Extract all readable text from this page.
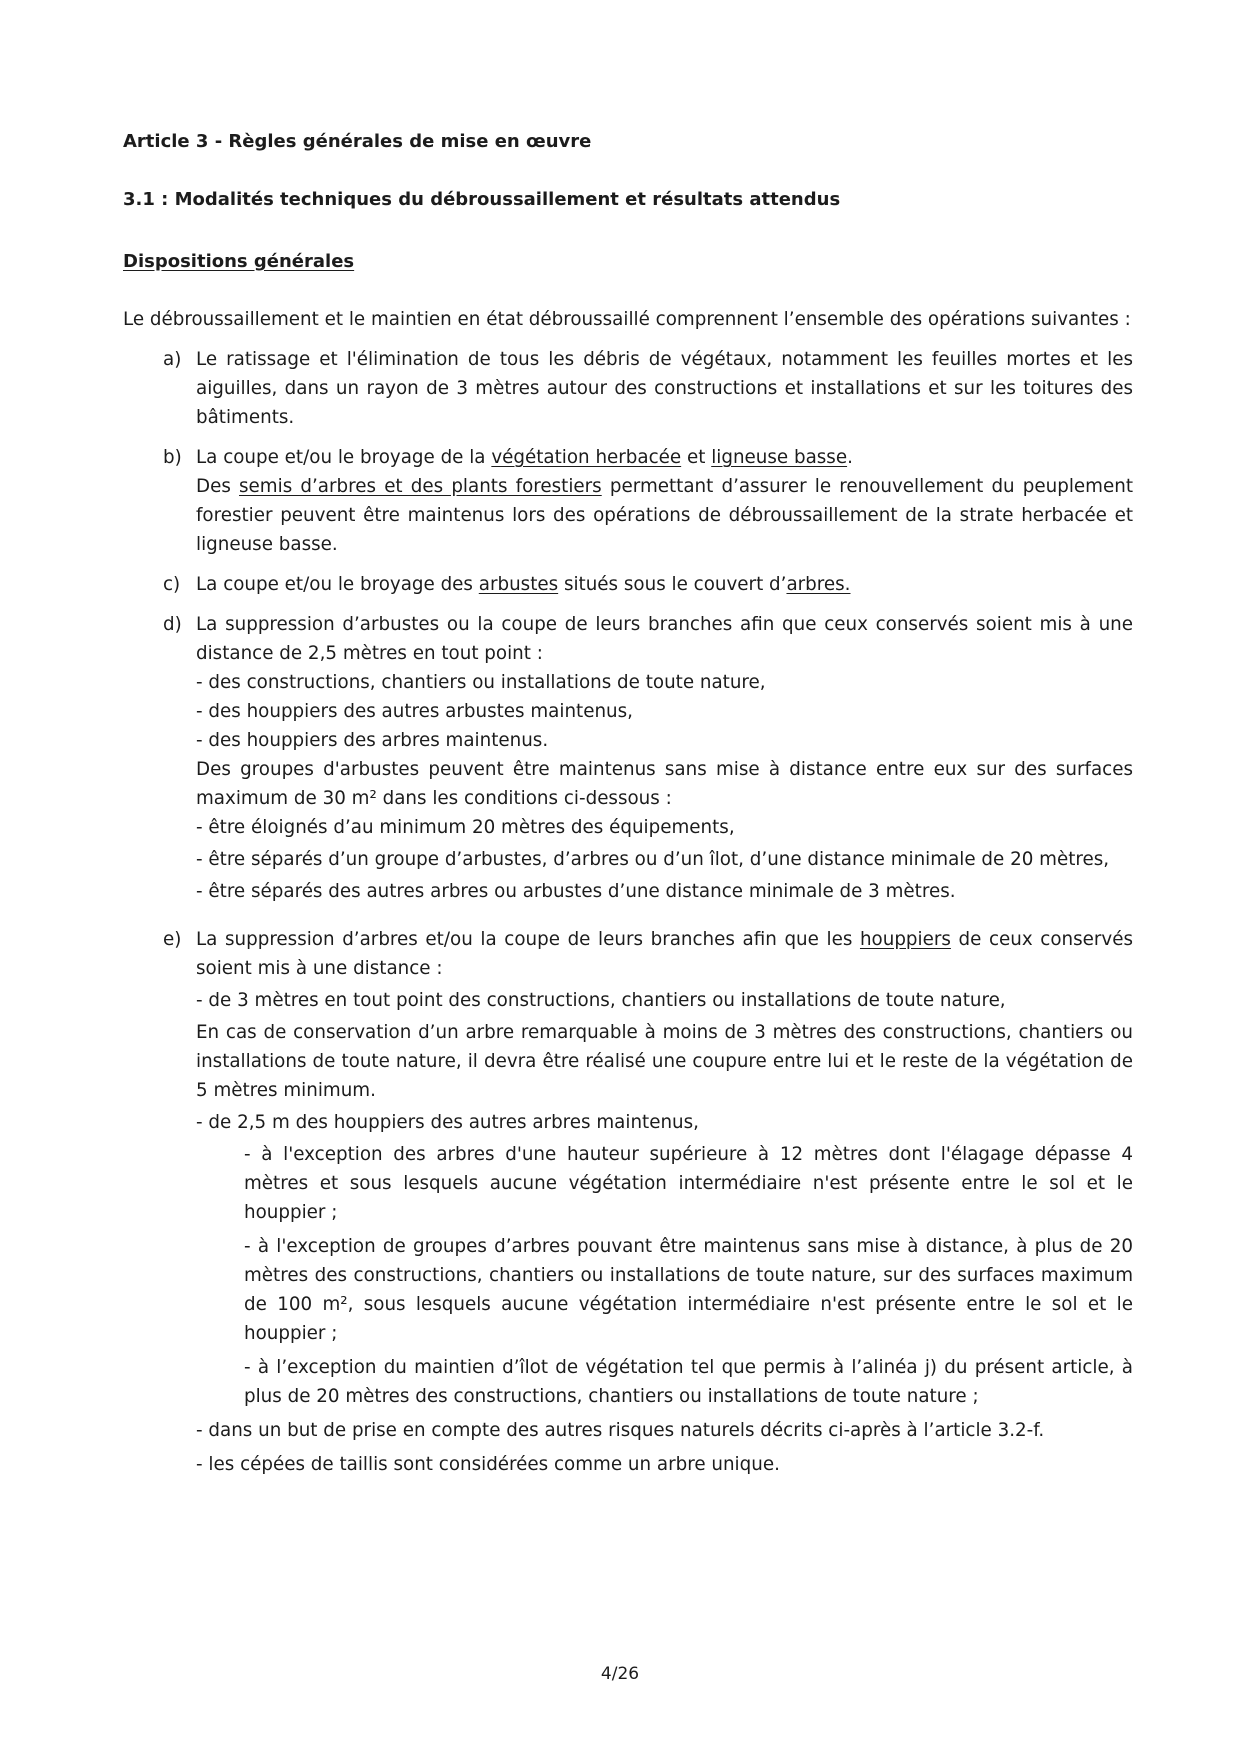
Article 3 - Règles générales de mise en œuvre
3.1 : Modalités techniques du débroussaillement et résultats attendus
Dispositions générales

Le débroussaillement et le maintien en état débroussaillé comprennent l’ensemble des opérations suivantes :

a) Le ratissage et l'élimination de tous les débris de végétaux, notamment les feuilles mortes et les aiguilles, dans un rayon de 3 mètres autour des constructions et installations et sur les toitures des bâtiments.

b) La coupe et/ou le broyage de la végétation herbacée et ligneuse basse.

Des semis d’arbres et des plants forestiers permettant d’assurer le renouvellement du peuplement forestier peuvent être maintenus lors des opérations de débroussaillement de la strate herbacée et ligneuse basse.

c) La coupe et/ou le broyage des arbustes situés sous le couvert d’arbres.

d) La suppression d’arbustes ou la coupe de leurs branches afin que ceux conservés soient mis à une distance de 2,5 mètres en tout point :

- des constructions, chantiers ou installations de toute nature,

- des houppiers des autres arbustes maintenus,

- des houppiers des arbres maintenus.

Des groupes d'arbustes peuvent être maintenus sans mise à distance entre eux sur des surfaces maximum de 30 m² dans les conditions ci-dessous :

- être éloignés d’au minimum 20 mètres des équipements,

- être séparés d’un groupe d’arbustes, d’arbres ou d’un îlot, d’une distance minimale de 20 mètres,

- être séparés des autres arbres ou arbustes d’une distance minimale de 3 mètres.

e) La suppression d’arbres et/ou la coupe de leurs branches afin que les houppiers de ceux conservés soient mis à une distance :

- de 3 mètres en tout point des constructions, chantiers ou installations de toute nature,

En cas de conservation d’un arbre remarquable à moins de 3 mètres des constructions, chantiers ou installations de toute nature, il devra être réalisé une coupure entre lui et le reste de la végétation de 5 mètres minimum.

- de 2,5 m des houppiers des autres arbres maintenus,

- à l'exception des arbres d'une hauteur supérieure à 12 mètres dont l'élagage dépasse 4 mètres et sous lesquels aucune végétation intermédiaire n'est présente entre le sol et le houppier ;

- à l'exception de groupes d’arbres pouvant être maintenus sans mise à distance, à plus de 20 mètres des constructions, chantiers ou installations de toute nature, sur des surfaces maximum de 100 m², sous lesquels aucune végétation intermédiaire n'est présente entre le sol et le houppier ;

- à l’exception du maintien d’îlot de végétation tel que permis à l’alinéa j) du présent article, à plus de 20 mètres des constructions, chantiers ou installations de toute nature ;

- dans un but de prise en compte des autres risques naturels décrits ci-après à l’article 3.2-f.

- les cépées de taillis sont considérées comme un arbre unique.

4/26
